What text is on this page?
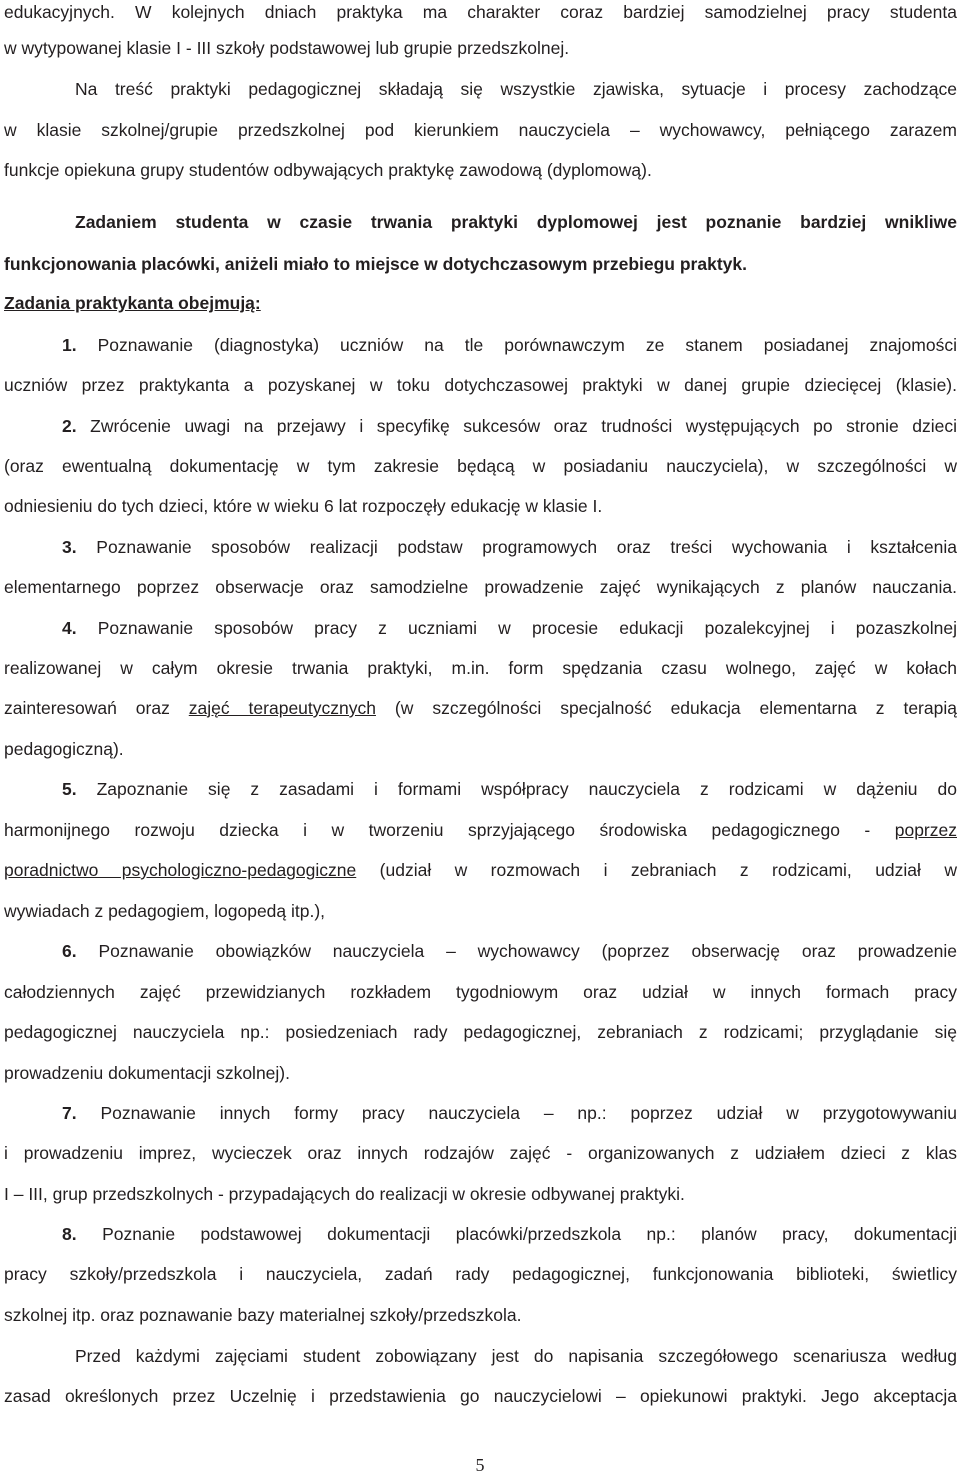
edukacyjnych. W kolejnych dniach praktyka ma charakter coraz bardziej samodzielnej pracy studenta
w wytypowanej klasie I - III szkoły podstawowej lub grupie przedszkolnej.
Na treść praktyki pedagogicznej składają się wszystkie zjawiska, sytuacje i procesy zachodzące
w klasie szkolnej/grupie przedszkolnej pod kierunkiem nauczyciela – wychowawcy, pełniącego zarazem
funkcje opiekuna grupy studentów odbywających praktykę zawodową (dyplomową).
Zadaniem studenta w czasie trwania praktyki dyplomowej jest poznanie bardziej wnikliwe
funkcjonowania placówki, aniżeli miało to miejsce w dotychczasowym przebiegu praktyk.
Zadania praktykanta obejmują:
1. Poznawanie (diagnostyka) uczniów na tle porównawczym ze stanem posiadanej znajomości
uczniów przez praktykanta a pozyskanej w toku dotychczasowej praktyki w danej grupie dziecięcej (klasie).
2. Zwrócenie uwagi na przejawy i specyfikę sukcesów oraz trudności występujących po stronie dzieci
(oraz ewentualną dokumentację w tym zakresie będącą w posiadaniu nauczyciela), w szczególności w
odniesieniu do tych dzieci, które w wieku 6 lat rozpoczęły edukację w klasie I.
3. Poznawanie sposobów realizacji podstaw programowych oraz treści wychowania i kształcenia
elementarnego poprzez obserwacje oraz samodzielne prowadzenie zajęć wynikających z planów nauczania.
4. Poznawanie sposobów pracy z uczniami w procesie edukacji pozalekcyjnej i pozaszkolnej
realizowanej w całym okresie trwania praktyki, m.in. form spędzania czasu wolnego, zajęć w kołach
zainteresowań oraz zajęć terapeutycznych (w szczególności specjalność edukacja elementarna z terapią
pedagogiczną).
5. Zapoznanie się z zasadami i formami współpracy nauczyciela z rodzicami w dążeniu do
harmonijnego rozwoju dziecka i w tworzeniu sprzyjającego środowiska pedagogicznego - poprzez
poradnictwo psychologiczno-pedagogiczne (udział w rozmowach i zebraniach z rodzicami, udział w
wywiadach z pedagogiem, logopedą itp.),
6. Poznawanie obowiązków nauczyciela – wychowawcy (poprzez obserwację oraz prowadzenie
całodziennych zajęć przewidzianych rozkładem tygodniowym oraz udział w innych formach pracy
pedagogicznej nauczyciela np.: posiedzeniach rady pedagogicznej, zebraniach z rodzicami; przyglądanie się
prowadzeniu dokumentacji szkolnej).
7. Poznawanie innych formy pracy nauczyciela – np.: poprzez udział w przygotowywaniu
i prowadzeniu imprez, wycieczek oraz innych rodzajów zajęć - organizowanych z udziałem dzieci z klas
I – III, grup przedszkolnych - przypadających do realizacji w okresie odbywanej praktyki.
8. Poznanie podstawowej dokumentacji placówki/przedszkola np.: planów pracy, dokumentacji
pracy szkoły/przedszkola i nauczyciela, zadań rady pedagogicznej, funkcjonowania biblioteki, świetlicy
szkolnej itp. oraz poznawanie bazy materialnej szkoły/przedszkola.
Przed każdymi zajęciami student zobowiązany jest do napisania szczegółowego scenariusza według
zasad określonych przez Uczelnię i przedstawienia go nauczycielowi – opiekunowi praktyki. Jego akceptacja
5
